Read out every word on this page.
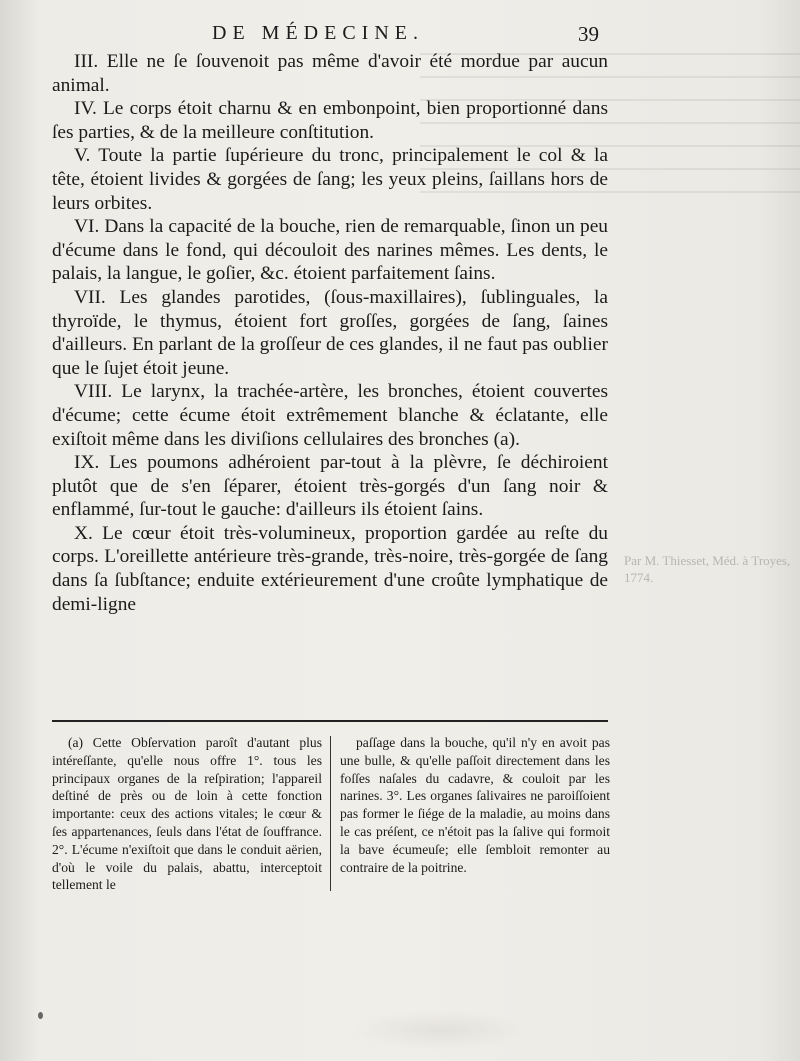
DE MÉDECINE.	39

III. Elle ne ſe ſouvenoit pas même d'avoir été mordue par aucun animal.

IV. Le corps étoit charnu & en embonpoint, bien proportionné dans ſes parties, & de la meilleure conſtitution.

V. Toute la partie ſupérieure du tronc, principalement le col & la tête, étoient livides & gorgées de ſang; les yeux pleins, ſaillans hors de leurs orbites.

VI. Dans la capacité de la bouche, rien de remarquable, ſinon un peu d'écume dans le fond, qui découloit des narines mêmes. Les dents, le palais, la langue, le goſier, &c. étoient parfaitement ſains.

VII. Les glandes parotides, (ſous-maxillaires), ſublinguales, la thyroïde, le thymus, étoient fort groſſes, gorgées de ſang, ſaines d'ailleurs. En parlant de la groſſeur de ces glandes, il ne faut pas oublier que le ſujet étoit jeune.

VIII. Le larynx, la trachée-artère, les bronches, étoient couvertes d'écume; cette écume étoit extrêmement blanche & éclatante, elle exiſtoit même dans les diviſions cellulaires des bronches (a).

IX. Les poumons adhéroient par-tout à la plèvre, ſe déchiroient plutôt que de s'en ſéparer, étoient très-gorgés d'un ſang noir & enflammé, ſur-tout le gauche: d'ailleurs ils étoient ſains.

X. Le cœur étoit très-volumineux, proportion gardée au reſte du corps. L'oreillette antérieure très-grande, très-noire, très-gorgée de ſang dans ſa ſubſtance; enduite extérieurement d'une croûte lymphatique de demi-ligne

Par M. Thiesset, Méd. à Troyes, 1774.

(a) Cette Obſervation paroît d'autant plus intéreſſante, qu'elle nous offre 1°. tous les principaux organes de la reſpiration; l'appareil deſtiné de près ou de loin à cette fonction importante: ceux des actions vitales; le cœur & ſes appartenances, ſeuls dans l'état de ſouffrance. 2°. L'écume n'exiſtoit que dans le conduit aërien, d'où le voile du palais, abattu, interceptoit tellement le

paſſage dans la bouche, qu'il n'y en avoit pas une bulle, & qu'elle paſſoit directement dans les foſſes naſales du cadavre, & couloit par les narines. 3°. Les organes ſalivaires ne paroiſſoient pas former le ſiége de la maladie, au moins dans le cas préſent, ce n'étoit pas la ſalive qui formoit la bave écumeuſe; elle ſembloit remonter au contraire de la poitrine.
